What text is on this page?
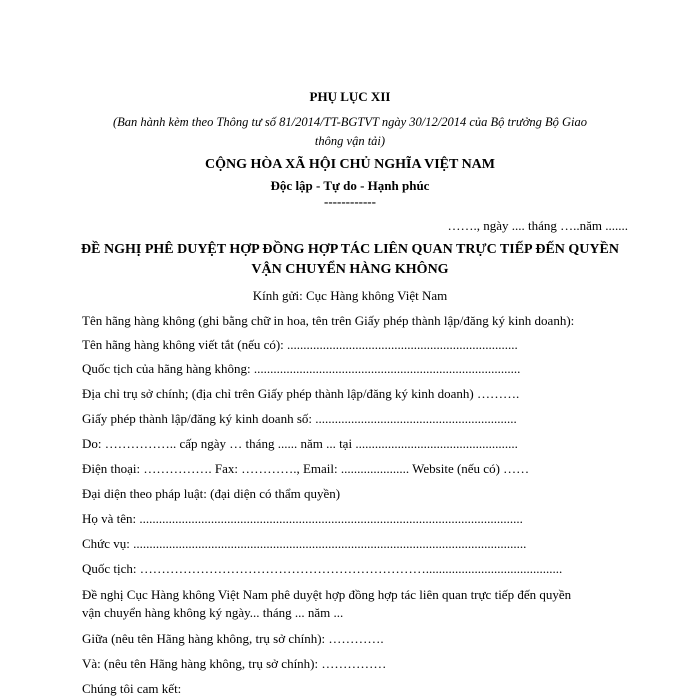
PHỤ LỤC XII
(Ban hành kèm theo Thông tư số 81/2014/TT-BGTVT ngày 30/12/2014 của Bộ trưởng Bộ Giao
thông vận tải)
CỘNG HÒA XÃ HỘI CHỦ NGHĨA VIỆT NAM
Độc lập - Tự do - Hạnh phúc
------------
……., ngày .... tháng …..năm .......
ĐỀ NGHỊ PHÊ DUYỆT HỢP ĐỒNG HỢP TÁC LIÊN QUAN TRỰC TIẾP ĐẾN QUYỀN
VẬN CHUYỂN HÀNG KHÔNG
Kính gửi: Cục Hàng không Việt Nam
Tên hãng hàng không (ghi bằng chữ in hoa, tên trên Giấy phép thành lập/đăng ký kinh doanh):
Tên hãng hàng không viết tắt (nếu có): .......................................................................
Quốc tịch của hãng hàng không: ..................................................................................
Địa chỉ trụ sở chính; (địa chỉ trên Giấy phép thành lập/đăng ký kinh doanh) ……….
Giấy phép thành lập/đăng ký kinh doanh số: ..............................................................
Do: …………….. cấp ngày … tháng ...... năm ... tại ..................................................
Điện thoại: ……………. Fax: …………., Email: ..................... Website (nếu có) ……
Đại diện theo pháp luật: (đại diện có thẩm quyền)
Họ và tên: ......................................................................................................................
Chức vụ: .........................................................................................................................
Quốc tịch: …………………………………………………………..........................................
Đề nghị Cục Hàng không Việt Nam phê duyệt hợp đồng hợp tác liên quan trực tiếp đến quyền
vận chuyển hàng không ký ngày... tháng ... năm ...
Giữa (nêu tên Hãng hàng không, trụ sở chính): ………….
Và: (nêu tên Hãng hàng không, trụ sở chính): ……………
Chúng tôi cam kết:
